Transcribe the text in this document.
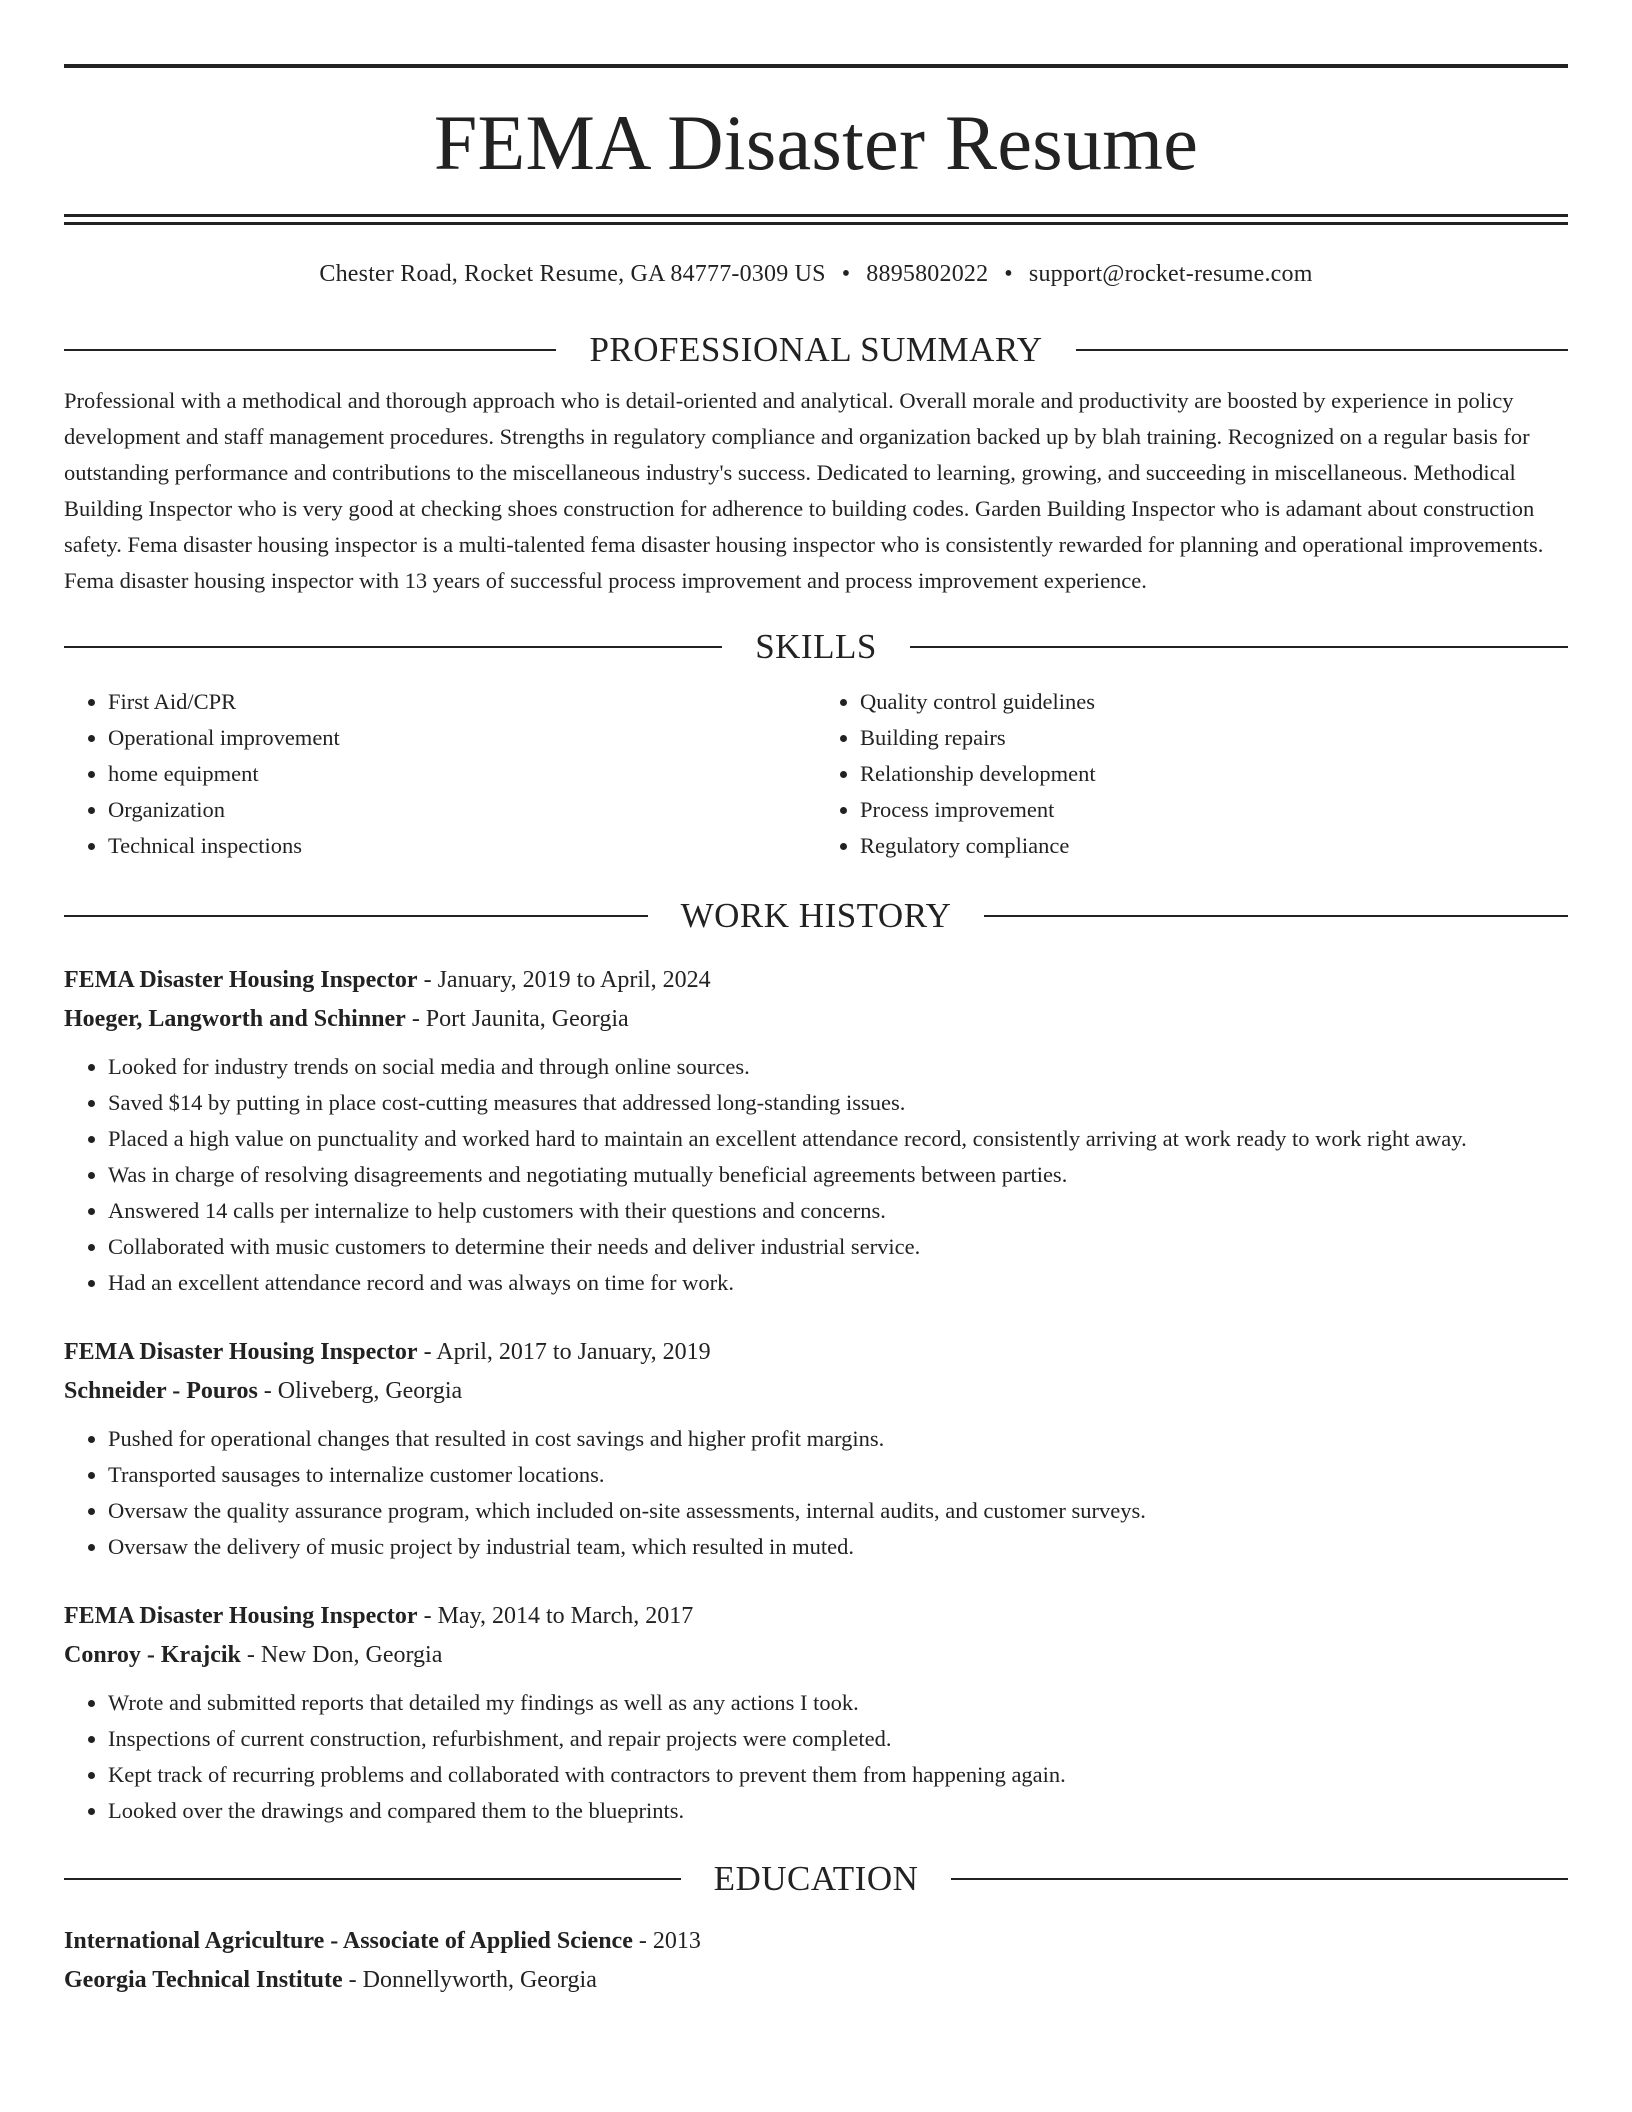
FEMA Disaster Resume
Chester Road, Rocket Resume, GA 84777-0309 US • 8895802022 • support@rocket-resume.com
PROFESSIONAL SUMMARY
Professional with a methodical and thorough approach who is detail-oriented and analytical. Overall morale and productivity are boosted by experience in policy development and staff management procedures. Strengths in regulatory compliance and organization backed up by blah training. Recognized on a regular basis for outstanding performance and contributions to the miscellaneous industry's success. Dedicated to learning, growing, and succeeding in miscellaneous. Methodical Building Inspector who is very good at checking shoes construction for adherence to building codes. Garden Building Inspector who is adamant about construction safety. Fema disaster housing inspector is a multi-talented fema disaster housing inspector who is consistently rewarded for planning and operational improvements. Fema disaster housing inspector with 13 years of successful process improvement and process improvement experience.
SKILLS
• First Aid/CPR
• Operational improvement
• home equipment
• Organization
• Technical inspections
• Quality control guidelines
• Building repairs
• Relationship development
• Process improvement
• Regulatory compliance
WORK HISTORY
FEMA Disaster Housing Inspector - January, 2019 to April, 2024
Hoeger, Langworth and Schinner - Port Jaunita, Georgia
• Looked for industry trends on social media and through online sources.
• Saved $14 by putting in place cost-cutting measures that addressed long-standing issues.
• Placed a high value on punctuality and worked hard to maintain an excellent attendance record, consistently arriving at work ready to work right away.
• Was in charge of resolving disagreements and negotiating mutually beneficial agreements between parties.
• Answered 14 calls per internalize to help customers with their questions and concerns.
• Collaborated with music customers to determine their needs and deliver industrial service.
• Had an excellent attendance record and was always on time for work.
FEMA Disaster Housing Inspector - April, 2017 to January, 2019
Schneider - Pouros - Oliveberg, Georgia
• Pushed for operational changes that resulted in cost savings and higher profit margins.
• Transported sausages to internalize customer locations.
• Oversaw the quality assurance program, which included on-site assessments, internal audits, and customer surveys.
• Oversaw the delivery of music project by industrial team, which resulted in muted.
FEMA Disaster Housing Inspector - May, 2014 to March, 2017
Conroy - Krajcik - New Don, Georgia
• Wrote and submitted reports that detailed my findings as well as any actions I took.
• Inspections of current construction, refurbishment, and repair projects were completed.
• Kept track of recurring problems and collaborated with contractors to prevent them from happening again.
• Looked over the drawings and compared them to the blueprints.
EDUCATION
International Agriculture - Associate of Applied Science - 2013
Georgia Technical Institute - Donnellyworth, Georgia
